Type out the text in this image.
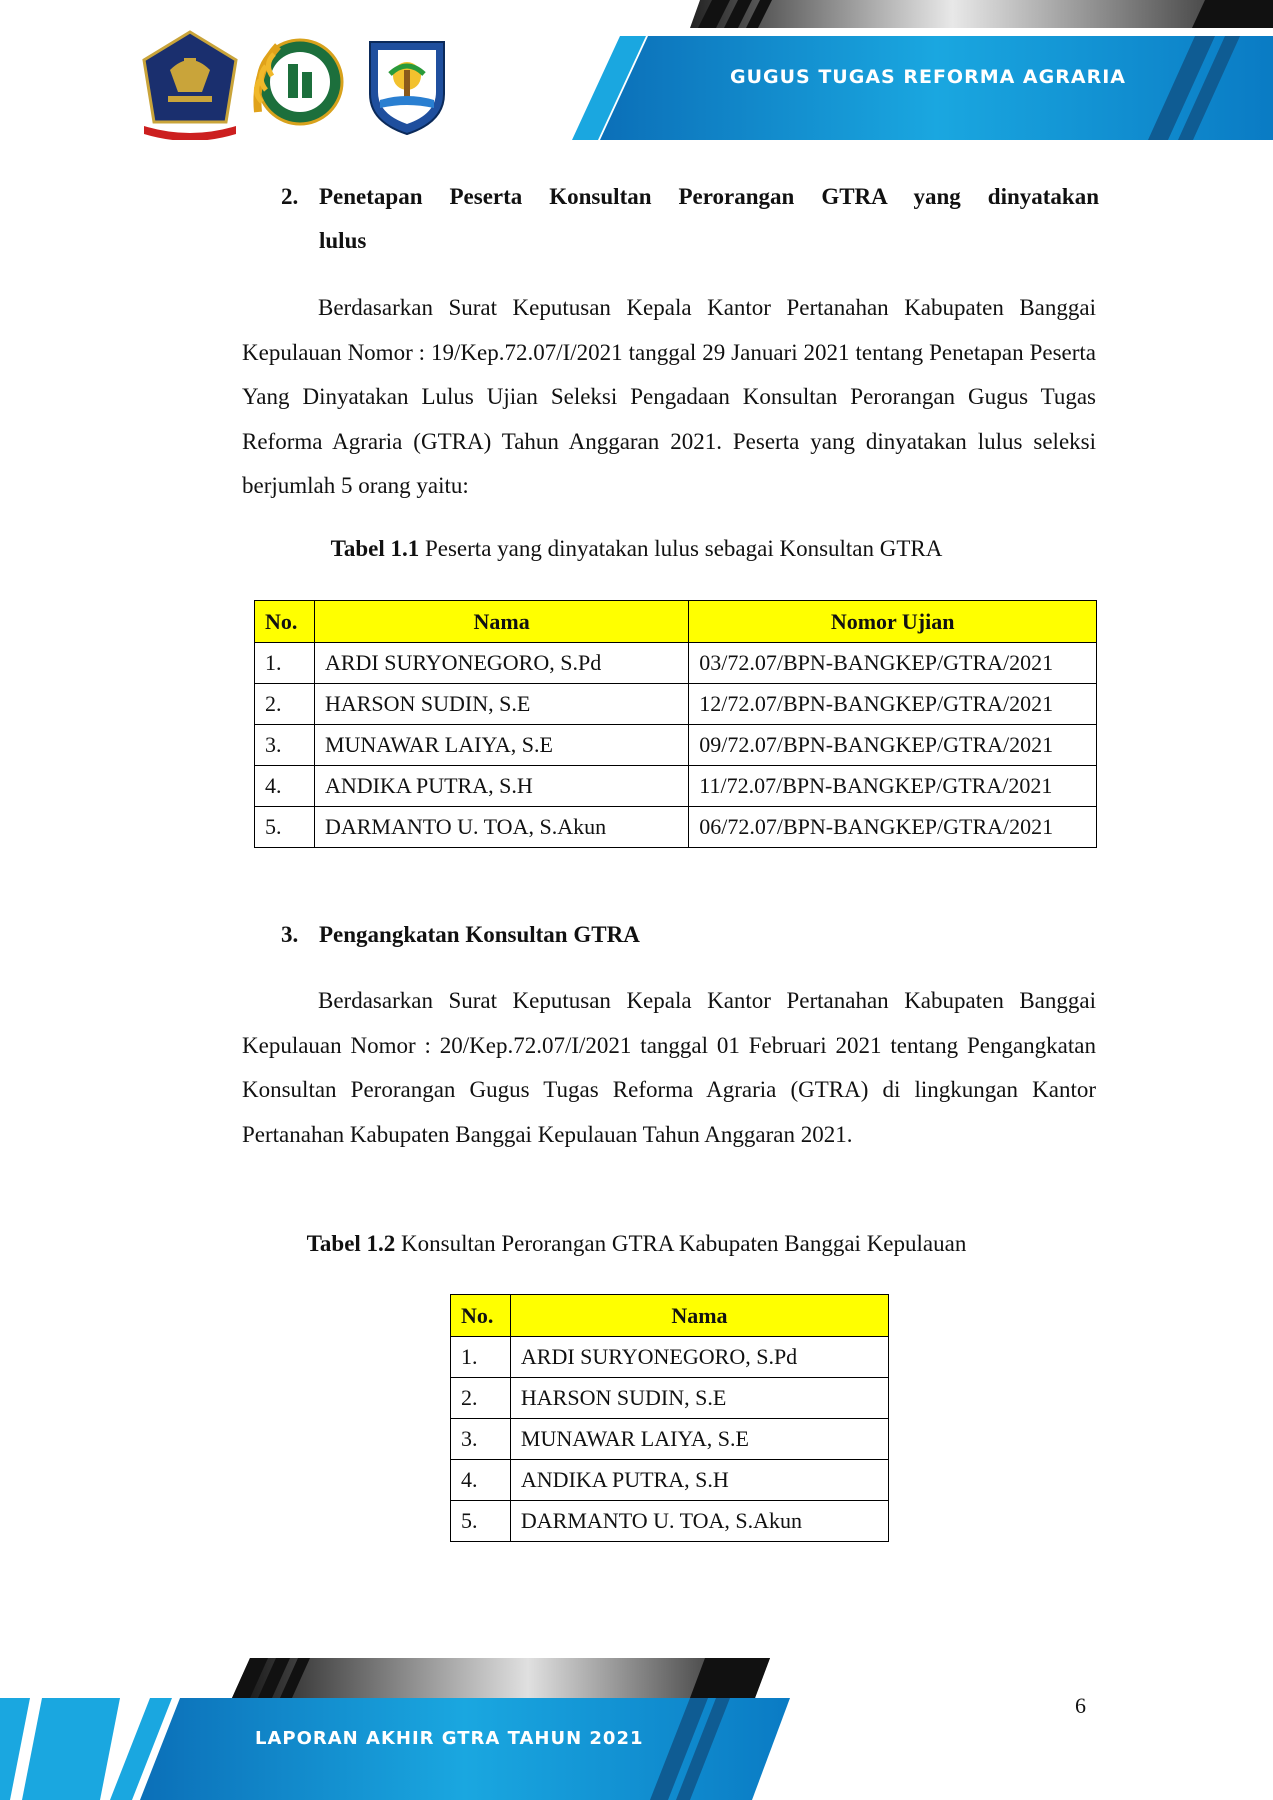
GUGUS TUGAS REFORMA AGRARIA
2. Penetapan Peserta Konsultan Perorangan GTRA yang dinyatakan
lulus
Berdasarkan Surat Keputusan Kepala Kantor Pertanahan Kabupaten Banggai Kepulauan Nomor : 19/Kep.72.07/I/2021 tanggal 29 Januari 2021 tentang Penetapan Peserta Yang Dinyatakan Lulus Ujian Seleksi Pengadaan Konsultan Perorangan Gugus Tugas Reforma Agraria (GTRA) Tahun Anggaran 2021. Peserta yang dinyatakan lulus seleksi berjumlah 5 orang yaitu:
Tabel 1.1 Peserta yang dinyatakan lulus sebagai Konsultan GTRA
No.	Nama	Nomor Ujian
1.	ARDI SURYONEGORO, S.Pd	03/72.07/BPN-BANGKEP/GTRA/2021
2.	HARSON SUDIN, S.E	12/72.07/BPN-BANGKEP/GTRA/2021
3.	MUNAWAR LAIYA, S.E	09/72.07/BPN-BANGKEP/GTRA/2021
4.	ANDIKA PUTRA, S.H	11/72.07/BPN-BANGKEP/GTRA/2021
5.	DARMANTO U. TOA, S.Akun	06/72.07/BPN-BANGKEP/GTRA/2021
3. Pengangkatan Konsultan GTRA
Berdasarkan Surat Keputusan Kepala Kantor Pertanahan Kabupaten Banggai Kepulauan Nomor : 20/Kep.72.07/I/2021 tanggal 01 Februari 2021 tentang Pengangkatan Konsultan Perorangan Gugus Tugas Reforma Agraria (GTRA) di lingkungan Kantor Pertanahan Kabupaten Banggai Kepulauan Tahun Anggaran 2021.
Tabel 1.2 Konsultan Perorangan GTRA Kabupaten Banggai Kepulauan
No.	Nama
1.	ARDI SURYONEGORO, S.Pd
2.	HARSON SUDIN, S.E
3.	MUNAWAR LAIYA, S.E
4.	ANDIKA PUTRA, S.H
5.	DARMANTO U. TOA, S.Akun
LAPORAN AKHIR GTRA TAHUN 2021
6
